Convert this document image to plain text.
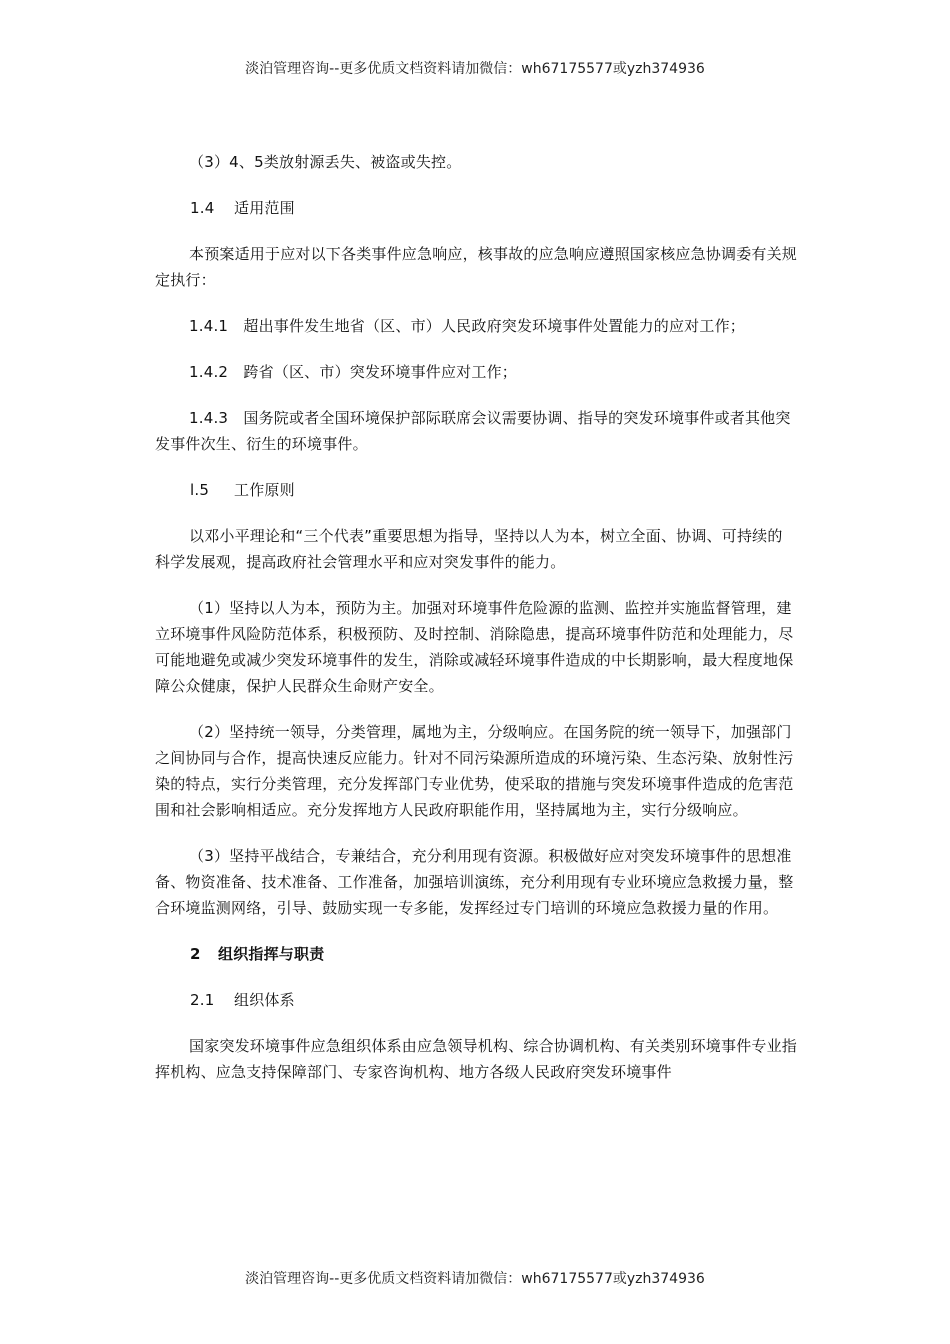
淡泊管理咨询--更多优质文档资料请加微信：wh67175577或yzh374936

（3）4、5类放射源丢失、被盗或失控。

1.4	适用范围

本预案适用于应对以下各类事件应急响应，核事故的应急响应遵照国家核应急协调委有关规定执行：

1.4.1　超出事件发生地省（区、市）人民政府突发环境事件处置能力的应对工作；

1.4.2　跨省（区、市）突发环境事件应对工作；

1.4.3　国务院或者全国环境保护部际联席会议需要协调、指导的突发环境事件或者其他突发事件次生、衍生的环境事件。

l.5	工作原则

以邓小平理论和“三个代表”重要思想为指导，坚持以人为本，树立全面、协调、可持续的科学发展观，提高政府社会管理水平和应对突发事件的能力。

（1）坚持以人为本，预防为主。加强对环境事件危险源的监测、监控并实施监督管理，建立环境事件风险防范体系，积极预防、及时控制、消除隐患，提高环境事件防范和处理能力，尽可能地避免或减少突发环境事件的发生，消除或减轻环境事件造成的中长期影响，最大程度地保障公众健康，保护人民群众生命财产安全。

（2）坚持统一领导，分类管理，属地为主，分级响应。在国务院的统一领导下，加强部门之间协同与合作，提高快速反应能力。针对不同污染源所造成的环境污染、生态污染、放射性污染的特点，实行分类管理，充分发挥部门专业优势，使采取的措施与突发环境事件造成的危害范围和社会影响相适应。充分发挥地方人民政府职能作用，坚持属地为主，实行分级响应。

（3）坚持平战结合，专兼结合，充分利用现有资源。积极做好应对突发环境事件的思想准备、物资准备、技术准备、工作准备，加强培训演练，充分利用现有专业环境应急救援力量，整合环境监测网络，引导、鼓励实现一专多能，发挥经过专门培训的环境应急救援力量的作用。

2	组织指挥与职责
2.1	组织体系

国家突发环境事件应急组织体系由应急领导机构、综合协调机构、有关类别环境事件专业指挥机构、应急支持保障部门、专家咨询机构、地方各级人民政府突发环境事件

淡泊管理咨询--更多优质文档资料请加微信：wh67175577或yzh374936
